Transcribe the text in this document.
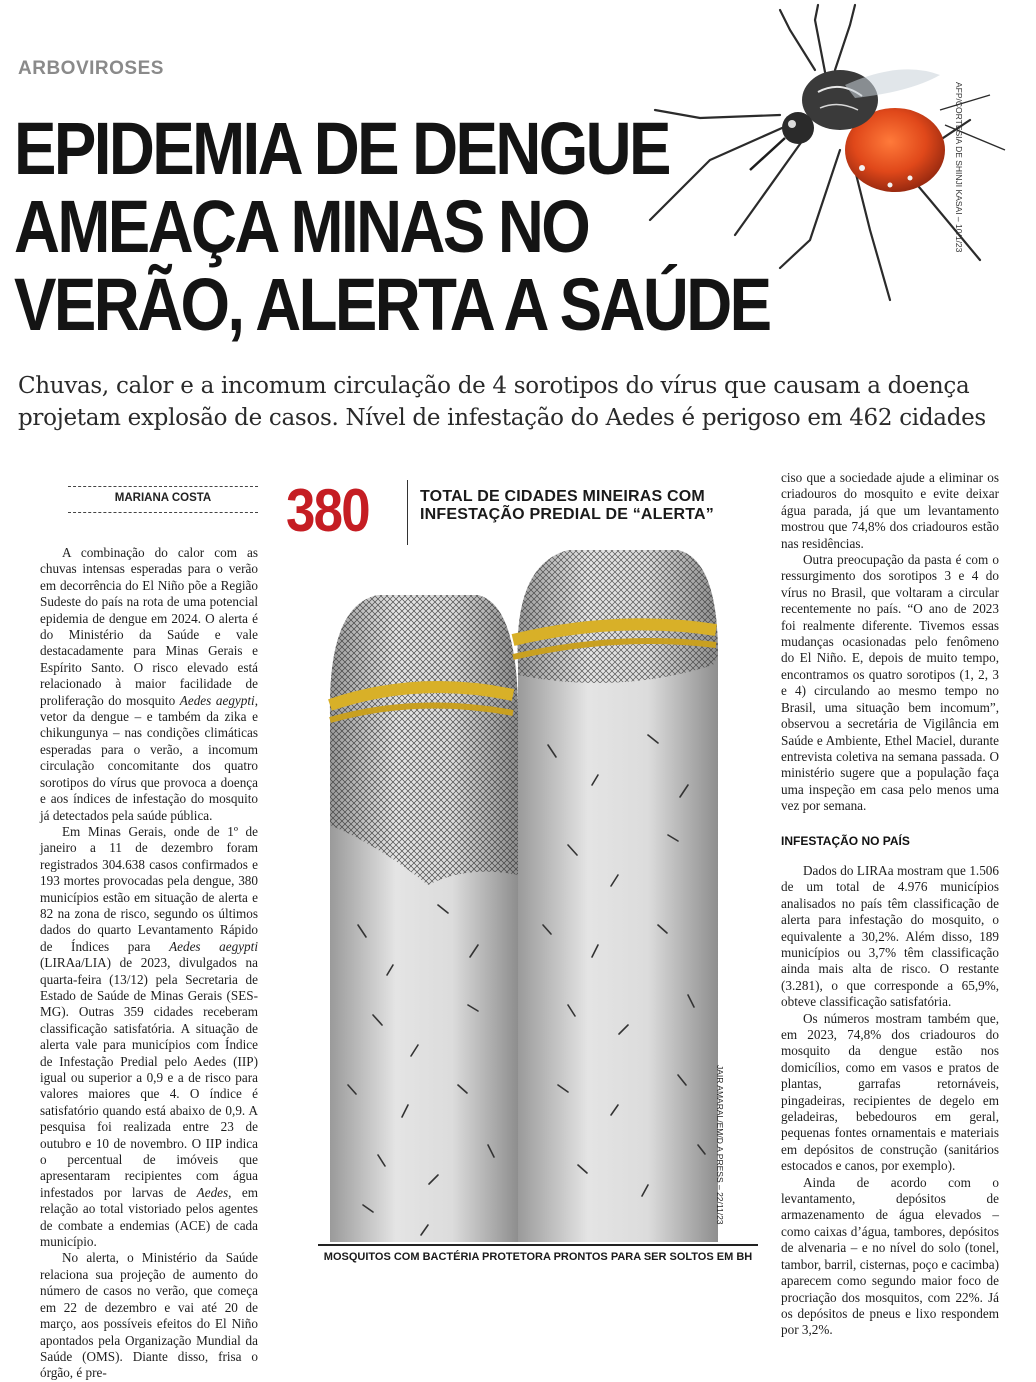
ARBOVIROSES
EPIDEMIA DE DENGUE
AMEAÇA MINAS NO
VERÃO, ALERTA A SAÚDE
AFP/CORTESIA DE SHINJI KASAI – 10/1/23
Chuvas, calor e a incomum circulação de 4 sorotipos do vírus que causam a doença
projetam explosão de casos. Nível de infestação do Aedes é perigoso em 462 cidades
MARIANA COSTA

A combinação do calor com as chuvas intensas esperadas para o verão em decorrência do El Niño põe a Região Sudeste do país na rota de uma potencial epidemia de dengue em 2024. O alerta é do Ministério da Saúde e vale destacadamente para Minas Gerais e Espírito Santo. O risco elevado está relacionado à maior facilidade de proliferação do mosquito Aedes aegypti, vetor da dengue – e também da zika e chikungunya – nas condições climáticas esperadas para o verão, a incomum circulação concomitante dos quatro sorotipos do vírus que provoca a doença e aos índices de infestação do mosquito já detectados pela saúde pública.

Em Minas Gerais, onde de 1º de janeiro a 11 de dezembro foram registrados 304.638 casos confirmados e 193 mortes provocadas pela dengue, 380 municípios estão em situação de alerta e 82 na zona de risco, segundo os últimos dados do quarto Levantamento Rápido de Índices para Aedes aegypti (LIRAa/LIA) de 2023, divulgados na quarta-feira (13/12) pela Secretaria de Estado de Saúde de Minas Gerais (SES-MG). Outras 359 cidades receberam classificação satisfatória. A situação de alerta vale para municípios com Índice de Infestação Predial pelo Aedes (IIP) igual ou superior a 0,9 e a de risco para valores maiores que 4. O índice é satisfatório quando está abaixo de 0,9. A pesquisa foi realizada entre 23 de outubro e 10 de novembro. O IIP indica o percentual de imóveis que apresentaram recipientes com água infestados por larvas de Aedes, em relação ao total vistoriado pelos agentes de combate a endemias (ACE) de cada município.

No alerta, o Ministério da Saúde relaciona sua projeção de aumento do número de casos no verão, que começa em 22 de dezembro e vai até 20 de março, aos possíveis efeitos do El Niño apontados pela Organização Mundial da Saúde (OMS). Diante disso, frisa o órgão, é pre-

380	TOTAL DE CIDADES MINEIRAS COM
INFESTAÇÃO PREDIAL DE “ALERTA”
JAIR AMARAL/EM/D.A PRESS – 22/11/23
MOSQUITOS COM BACTÉRIA PROTETORA PRONTOS PARA SER SOLTOS EM BH

ciso que a sociedade ajude a eliminar os criadouros do mosquito e evite deixar água parada, já que um levantamento mostrou que 74,8% dos criadouros estão nas residências.

Outra preocupação da pasta é com o ressurgimento dos sorotipos 3 e 4 do vírus no Brasil, que voltaram a circular recentemente no país. “O ano de 2023 foi realmente diferente. Tivemos essas mudanças ocasionadas pelo fenômeno do El Niño. E, depois de muito tempo, encontramos os quatro sorotipos (1, 2, 3 e 4) circulando ao mesmo tempo no Brasil, uma situação bem incomum”, observou a secretária de Vigilância em Saúde e Ambiente, Ethel Maciel, durante entrevista coletiva na semana passada. O ministério sugere que a população faça uma inspeção em casa pelo menos uma vez por semana.

INFESTAÇÃO NO PAÍS

Dados do LIRAa mostram que 1.506 de um total de 4.976 municípios analisados no país têm classificação de alerta para infestação do mosquito, o equivalente a 30,2%. Além disso, 189 municípios ou 3,7% têm classificação ainda mais alta de risco. O restante (3.281), o que corresponde a 65,9%, obteve classificação satisfatória.

Os números mostram também que, em 2023, 74,8% dos criadouros do mosquito da dengue estão nos domicílios, como em vasos e pratos de plantas, garrafas retornáveis, pingadeiras, recipientes de degelo em geladeiras, bebedouros em geral, pequenas fontes ornamentais e materiais em depósitos de construção (sanitários estocados e canos, por exemplo).

Ainda de acordo com o levantamento, depósitos de armazenamento de água elevados – como caixas d’água, tambores, depósitos de alvenaria – e no nível do solo (tonel, tambor, barril, cisternas, poço e cacimba) aparecem como segundo maior foco de procriação dos mosquitos, com 22%. Já os depósitos de pneus e lixo respondem por 3,2%.
